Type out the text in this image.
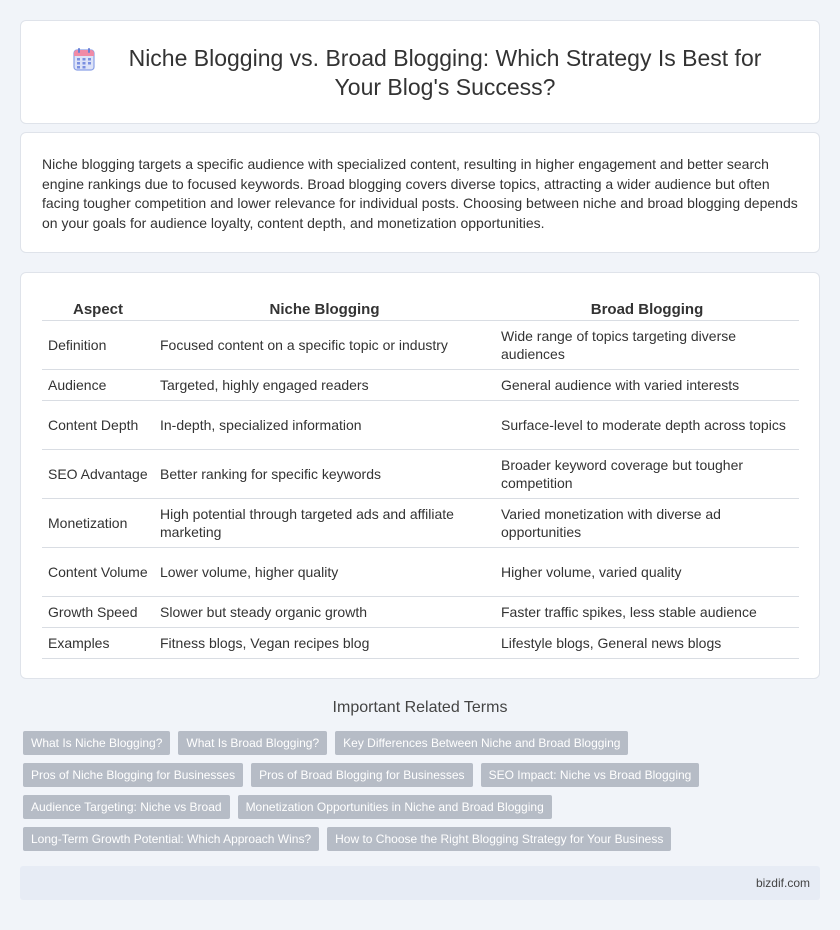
Niche Blogging vs. Broad Blogging: Which Strategy Is Best for Your Blog's Success?

Niche blogging targets a specific audience with specialized content, resulting in higher engagement and better search engine rankings due to focused keywords. Broad blogging covers diverse topics, attracting a wider audience but often facing tougher competition and lower relevance for individual posts. Choosing between niche and broad blogging depends on your goals for audience loyalty, content depth, and monetization opportunities.

Aspect	Niche Blogging	Broad Blogging
Definition	Focused content on a specific topic or industry	Wide range of topics targeting diverse audiences
Audience	Targeted, highly engaged readers	General audience with varied interests
Content Depth	In-depth, specialized information	Surface-level to moderate depth across topics
SEO Advantage	Better ranking for specific keywords	Broader keyword coverage but tougher competition
Monetization	High potential through targeted ads and affiliate marketing	Varied monetization with diverse ad opportunities
Content Volume	Lower volume, higher quality	Higher volume, varied quality
Growth Speed	Slower but steady organic growth	Faster traffic spikes, less stable audience
Examples	Fitness blogs, Vegan recipes blog	Lifestyle blogs, General news blogs
Important Related Terms
What Is Niche Blogging?	What Is Broad Blogging?	Key Differences Between Niche and Broad Blogging
Pros of Niche Blogging for Businesses	Pros of Broad Blogging for Businesses	SEO Impact: Niche vs Broad Blogging
Audience Targeting: Niche vs Broad	Monetization Opportunities in Niche and Broad Blogging
Long-Term Growth Potential: Which Approach Wins?	How to Choose the Right Blogging Strategy for Your Business
bizdif.com
